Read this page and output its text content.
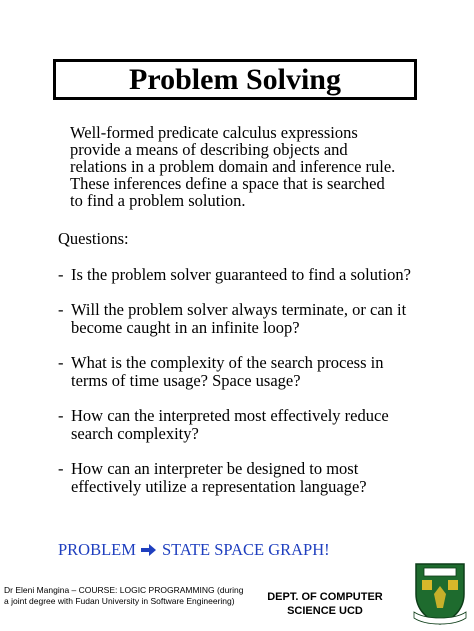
Problem Solving

Well-formed predicate calculus expressions provide a means of describing objects and relations in a problem domain and inference rule. These inferences define a space that is searched to find a problem solution.

Questions:
- Is the problem solver guaranteed to find a solution?
- Will the problem solver always terminate, or can it become caught in an infinite loop?
- What is the complexity of the search process in terms of time usage? Space usage?
- How can the interpreted most effectively reduce search complexity?
- How can an interpreter be designed to most effectively utilize a representation language?
PROBLEM STATE SPACE GRAPH!
Dr Eleni Mangina – COURSE: LOGIC PROGRAMMING (during a joint degree with Fudan University in Software Engineering)	DEPT. OF COMPUTER
SCIENCE UCD
